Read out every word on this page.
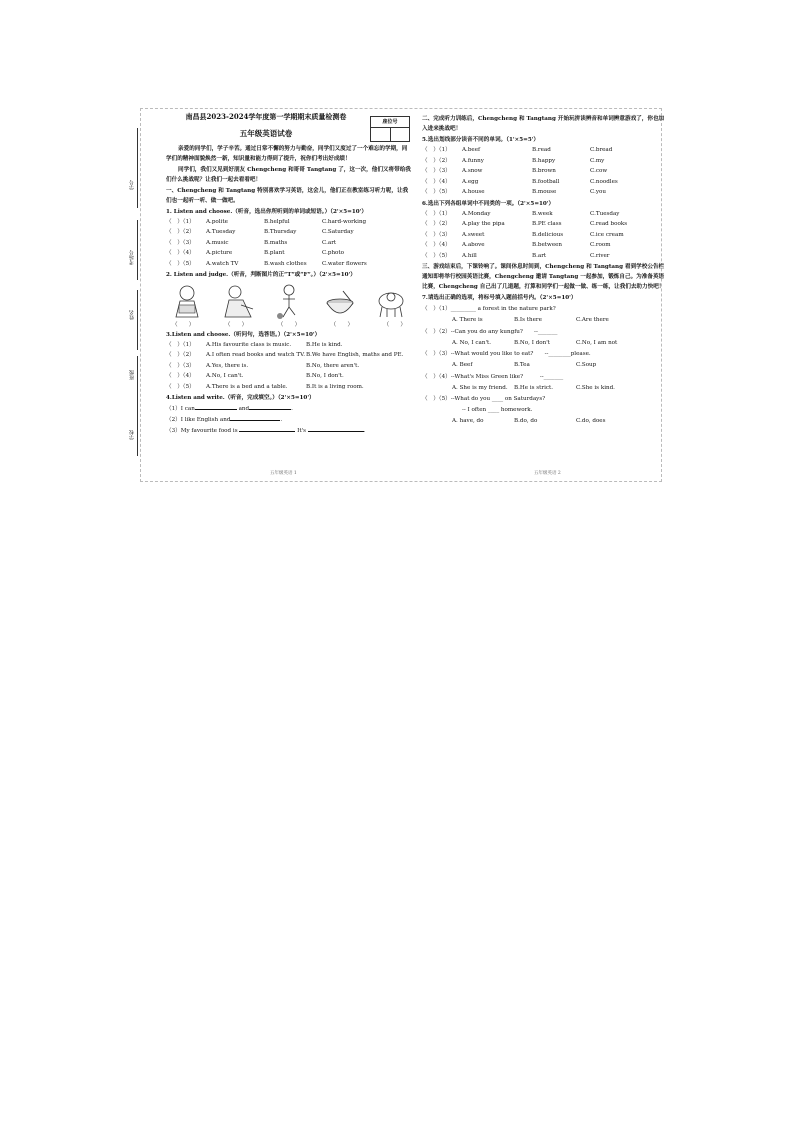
学号
考场号
姓名
班级
学校
座位号
南昌县2023-2024学年度第一学期期末质量检测卷
五年级英语试卷
亲爱的同学们，学子辛苦。通过日常不懈的努力与勤奋，同学们又度过了一个难忘的学期，同学们的精神面貌焕然一新，知识量和能力得到了提升，祝你们考出好成绩！
同学们，我们又见到好朋友 Chengcheng 和哥哥 Tangtang 了，这一次，他们又将带给我们什么挑战呢？让我们一起去看看吧！
一、Chengcheng 和 Tangtang 特别喜欢学习英语，这会儿，他们正在教室练习听力呢，让我们也一起听一听、做一做吧。
1. Listen and choose.（听音，选出你所听到的单词或短语。）（2'×5=10'）
（　）（1）	A.polite	B.helpful	C.hard-working
（　）（2）	A.Tuesday	B.Thursday	C.Saturday
（　）（3）	A.music	B.maths	C.art
（　）（4）	A.picture	B.plant	C.photo
（　）（5）	A.watch TV	B.wash clothes	C.water flowers
2. Listen and judge.（听音，判断图片的正“T”或“F”。）（2'×5=10'）
（　　）	（　　）	（　　）	（　　）	（　　）
3.Listen and choose.（听问句，选答语。）（2'×5=10'）
（　）（1）	A.His favourite class is music.	B.He is kind.
（　）（2）	A.I often read books and watch TV. B.We have English, maths and PE.
（　）（3）	A.Yes, there is.	B.No, there aren't.
（　）（4）	A.No, I can't.	B.No, I don't.
（　）（5）	A.There is a bed and a table.	B.It is a living room.
4.Listen and write.（听音，完成填空。）（2'×5=10'）
（1）I can	and	.
（2）I like English and	.
（3）My favourite food is	It's	.
五年级英语 1
二、完成听力训练后，Chengcheng 和 Tangtang 开始玩拼读辨音和单词辨意游戏了，你也加入进来挑战吧！
5.选出划线部分读音不同的单词。（1'×5=5'）
（　）（1）	A.beef	B.read	C.bread
（　）（2）	A.funny	B.happy	C.my
（　）（3）	A.snow	B.brown	C.cow
（　）（4）	A.egg	B.football	C.noodles
（　）（5）	A.house	B.mouse	C.you
6.选出下列各组单词中不同类的一项。（2'×5=10'）
（　）（1）	A.Monday	B.week	C.Tuesday
（　）（2）	A.play the pipa	B.PE class	C.read books
（　）（3）	A.sweet	B.delicious	C.ice cream
（　）（4）	A.above	B.between	C.room
（　）（5）	A.hill	B.art	C.river
三、游戏结束后，下课铃响了。课间休息时间到，Chengcheng 和 Tangtang 看到学校公告栏通知即将举行校园英语比赛，Chengcheng 邀请 Tangtang 一起参加，锻炼自己。为准备英语比赛，Chengcheng 自己出了几道题，打算和同学们一起做一做、练一练，让我们去助力快吧！
7.请选出正确的选项，将标号填入题前括号内。（2'×5=10'）
（　）（1）_________ a forest in the nature park?
A. There is	B.Is there	C.Are there
（　）（2）--Can you do any kungfu?　　--_______
A. No, I can't.	B.No, I don't	C.No, I am not
（　）（3）--What would you like to eat?　　--________please.
A. Beef	B.Tea	C.Soup
（　）（4）--What's Miss Green like?　　　--_______
A. She is my friend.	B.He is strict.	C.She is kind.
（　）（5）--What do you ____ on Saturdays?
-- I often ____ homework.
A. have, do	B.do, do	C.do, does
五年级英语 2
